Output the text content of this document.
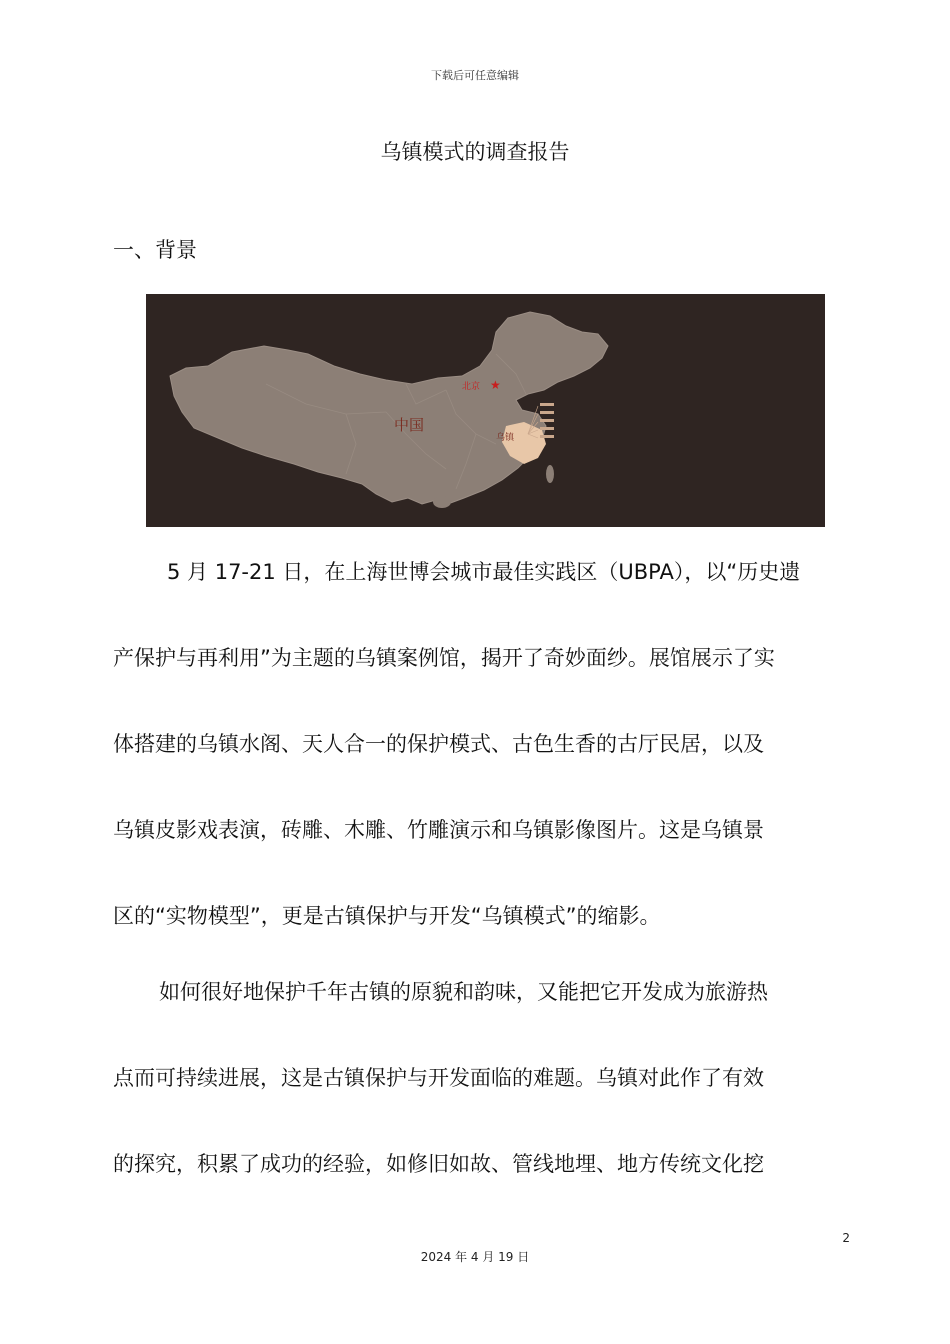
下载后可任意编辑
乌镇模式的调查报告
一、背景
★
北京
中国
乌镇
5 月 17-21 日，在上海世博会城市最佳实践区（UBPA），以“历史遗
产保护与再利用”为主题的乌镇案例馆，揭开了奇妙面纱。展馆展示了实
体搭建的乌镇水阁、天人合一的保护模式、古色生香的古厅民居，以及
乌镇皮影戏表演，砖雕、木雕、竹雕演示和乌镇影像图片。这是乌镇景
区的“实物模型”，更是古镇保护与开发“乌镇模式”的缩影。
如何很好地保护千年古镇的原貌和韵味，又能把它开发成为旅游热
点而可持续进展，这是古镇保护与开发面临的难题。乌镇对此作了有效
的探究，积累了成功的经验，如修旧如故、管线地埋、地方传统文化挖
2
2024 年 4 月 19 日
